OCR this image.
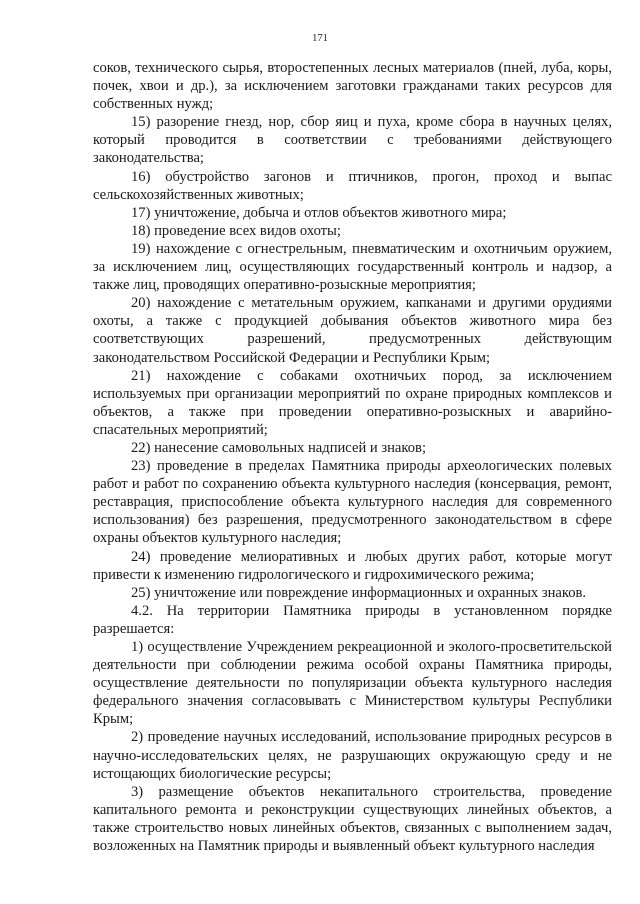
171

соков, технического сырья, второстепенных лесных материалов (пней, луба, коры, почек, хвои и др.), за исключением заготовки гражданами таких ресурсов для собственных нужд;

15) разорение гнезд, нор, сбор яиц и пуха, кроме сбора в научных целях, который проводится в соответствии с требованиями действующего законодательства;

16) обустройство загонов и птичников, прогон, проход и выпас сельскохозяйственных животных;

17) уничтожение, добыча и отлов объектов животного мира;

18) проведение всех видов охоты;

19) нахождение с огнестрельным, пневматическим и охотничьим оружием, за исключением лиц, осуществляющих государственный контроль и надзор, а также лиц, проводящих оперативно-розыскные мероприятия;

20) нахождение с метательным оружием, капканами и другими орудиями охоты, а также с продукцией добывания объектов животного мира без соответствующих разрешений, предусмотренных действующим законодательством Российской Федерации и Республики Крым;

21) нахождение с собаками охотничьих пород, за исключением используемых при организации мероприятий по охране природных комплексов и объектов, а также при проведении оперативно-розыскных и аварийно-спасательных мероприятий;

22) нанесение самовольных надписей и знаков;

23) проведение в пределах Памятника природы археологических полевых работ и работ по сохранению объекта культурного наследия (консервация, ремонт, реставрация, приспособление объекта культурного наследия для современного использования) без разрешения, предусмотренного законодательством в сфере охраны объектов культурного наследия;

24) проведение мелиоративных и любых других работ, которые могут привести к изменению гидрологического и гидрохимического режима;

25) уничтожение или повреждение информационных и охранных знаков.

4.2. На территории Памятника природы в установленном порядке разрешается:

1) осуществление Учреждением рекреационной и эколого-просветительской деятельности при соблюдении режима особой охраны Памятника природы, осуществление деятельности по популяризации объекта культурного наследия федерального значения согласовывать с Министерством культуры Республики Крым;

2) проведение научных исследований, использование природных ресурсов в научно-исследовательских целях, не разрушающих окружающую среду и не истощающих биологические ресурсы;

3) размещение объектов некапитального строительства, проведение капитального ремонта и реконструкции существующих линейных объектов, а также строительство новых линейных объектов, связанных с выполнением задач, возложенных на Памятник природы и выявленный объект культурного наследия
